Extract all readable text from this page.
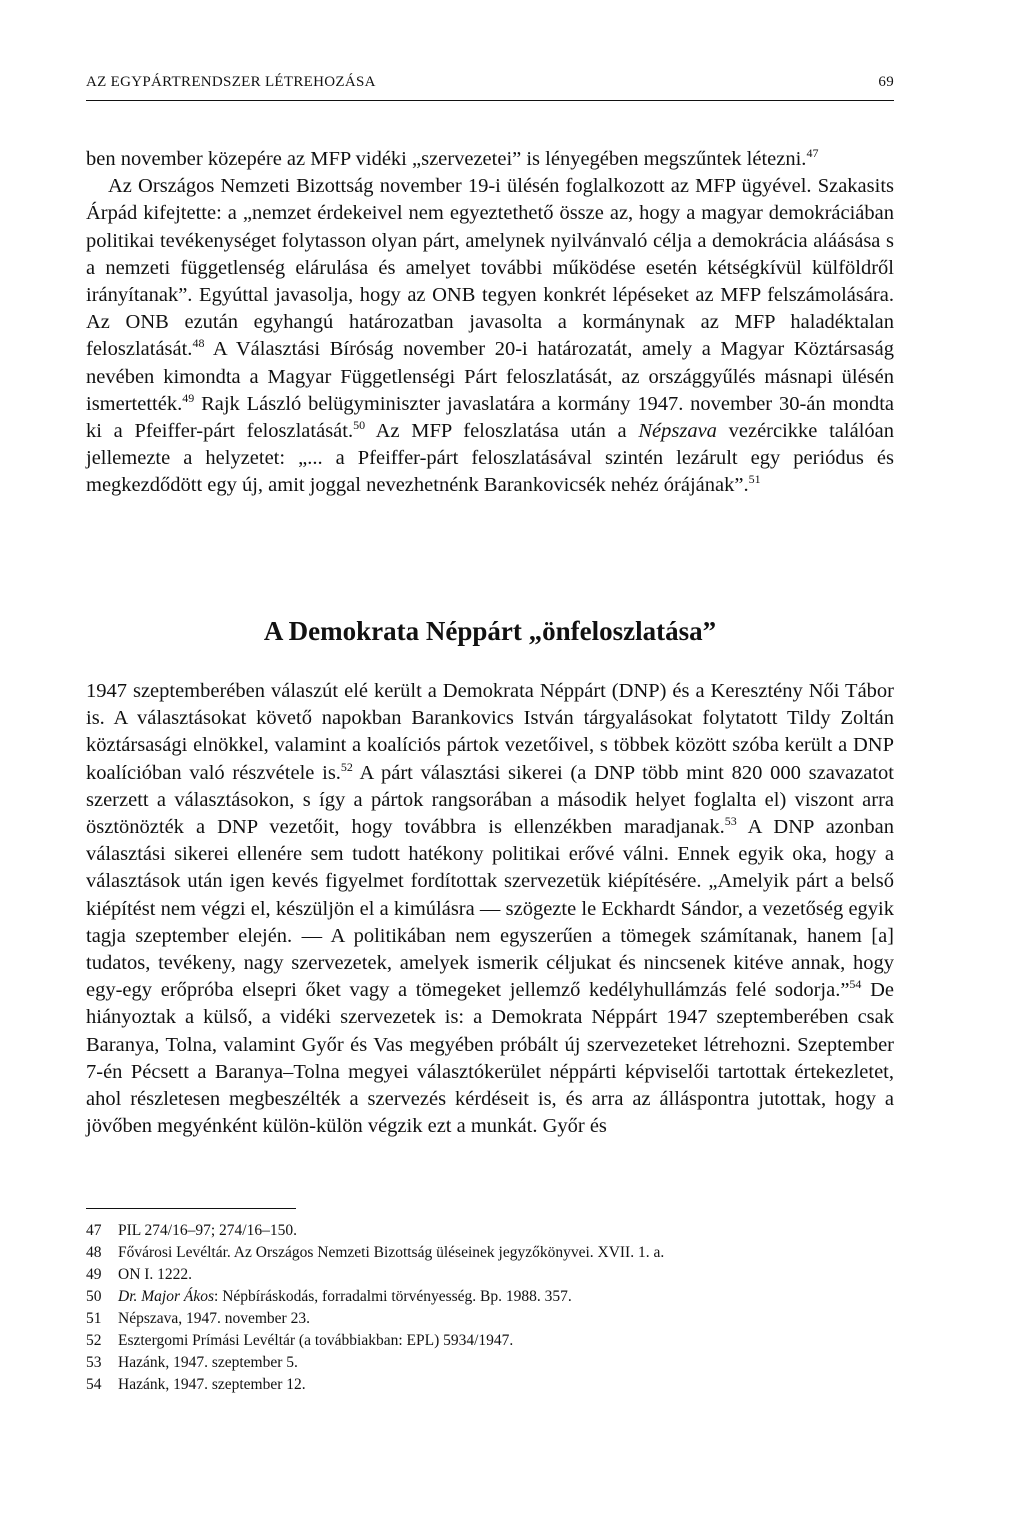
AZ EGYPÁRTRENDSZER LÉTREHOZÁSA	69

ben november közepére az MFP vidéki „szervezetei” is lényegében megszűntek létezni.$^{47}$

Az Országos Nemzeti Bizottság november 19-i ülésén foglalkozott az MFP ügyével. Szakasits Árpád kifejtette: a „nemzet érdekeivel nem egyeztethető össze az, hogy a magyar demokráciában politikai tevékenységet folytasson olyan párt, amelynek nyilvánvaló célja a demokrácia aláásása s a nemzeti függetlenség elárulása és amelyet további működése esetén kétségkívül külföldről irányítanak”. Egyúttal javasolja, hogy az ONB tegyen konkrét lépéseket az MFP felszámolására. Az ONB ezután egyhangú határozatban javasolta a kormánynak az MFP haladéktalan feloszlatását.$^{48}$ A Választási Bíróság november 20-i határozatát, amely a Magyar Köztársaság nevében kimondta a Magyar Függetlenségi Párt feloszlatását, az országgyűlés másnapi ülésén ismertették.$^{49}$ Rajk László belügyminiszter javaslatára a kormány 1947. november 30-án mondta ki a Pfeiffer-párt feloszlatását.$^{50}$ Az MFP feloszlatása után a Népszava vezércikke találóan jellemezte a helyzetet: „... a Pfeiffer-párt feloszlatásával szintén lezárult egy periódus és megkezdődött egy új, amit joggal nevezhetnénk Barankovicsék nehéz órájának”.$^{51}$

A Demokrata Néppárt „önfeloszlatása”

1947 szeptemberében válaszút elé került a Demokrata Néppárt (DNP) és a Keresztény Női Tábor is. A választásokat követő napokban Barankovics István tárgyalásokat folytatott Tildy Zoltán köztársasági elnökkel, valamint a koalíciós pártok vezetőivel, s többek között szóba került a DNP koalícióban való részvétele is.$^{52}$ A párt választási sikerei (a DNP több mint 820 000 szavazatot szerzett a választásokon, s így a pártok rangsorában a második helyet foglalta el) viszont arra ösztönözték a DNP vezetőit, hogy továbbra is ellenzékben maradjanak.$^{53}$ A DNP azonban választási sikerei ellenére sem tudott hatékony politikai erővé válni. Ennek egyik oka, hogy a választások után igen kevés figyelmet fordítottak szervezetük kiépítésére. „Amelyik párt a belső kiépítést nem végzi el, készüljön el a kimúlásra — szögezte le Eckhardt Sándor, a vezetőség egyik tagja szeptember elején. — A politikában nem egyszerűen a tömegek számítanak, hanem [a] tudatos, tevékeny, nagy szervezetek, amelyek ismerik céljukat és nincsenek kitéve annak, hogy egy-egy erőpróba elsepri őket vagy a tömegeket jellemző kedélyhullámzás felé sodorja.”$^{54}$ De hiányoztak a külső, a vidéki szervezetek is: a Demokrata Néppárt 1947 szeptemberében csak Baranya, Tolna, valamint Győr és Vas megyében próbált új szervezeteket létrehozni. Szeptember 7-én Pécsett a Baranya–Tolna megyei választókerület néppárti képviselői tartottak értekezletet, ahol részletesen megbeszélték a szervezés kérdéseit is, és arra az álláspontra jutottak, hogy a jövőben megyénként külön-külön végzik ezt a munkát. Győr és

47	PIL 274/16–97; 274/16–150.
48	Fővárosi Levéltár. Az Országos Nemzeti Bizottság üléseinek jegyzőkönyvei. XVII. 1. a.
49	ON I. 1222.
50	Dr. Major Ákos: Népbíráskodás, forradalmi törvényesség. Bp. 1988. 357.
51	Népszava, 1947. november 23.
52	Esztergomi Prímási Levéltár (a továbbiakban: EPL) 5934/1947.
53	Hazánk, 1947. szeptember 5.
54	Hazánk, 1947. szeptember 12.
